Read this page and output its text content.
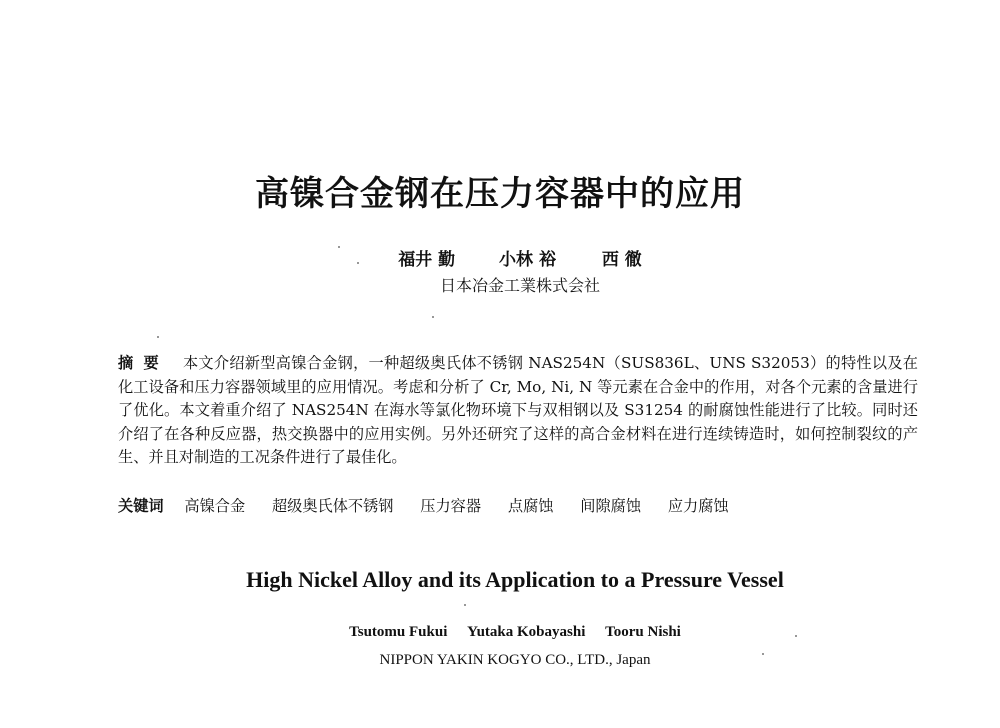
高镍合金钢在压力容器中的应用
福井 勤	小林 裕	西 徹
日本冶金工業株式会社
摘要 本文介绍新型高镍合金钢，一种超级奥氏体不锈钢 NAS254N（SUS836L、UNS S32053）的特性以及在化工设备和压力容器领域里的应用情况。考虑和分析了 Cr, Mo, Ni, N 等元素在合金中的作用，对各个元素的含量进行了优化。本文着重介绍了 NAS254N 在海水等氯化物环境下与双相钢以及 S31254 的耐腐蚀性能进行了比较。同时还介绍了在各种反应器，热交换器中的应用实例。另外还研究了这样的高合金材料在进行连续铸造时，如何控制裂纹的产生、并且对制造的工况条件进行了最佳化。
关键词 高镍合金 超级奥氏体不锈钢 压力容器 点腐蚀 间隙腐蚀 应力腐蚀
High Nickel Alloy and its Application to a Pressure Vessel
Tsutomu Fukui Yutaka Kobayashi Tooru Nishi
NIPPON YAKIN KOGYO CO., LTD., Japan
